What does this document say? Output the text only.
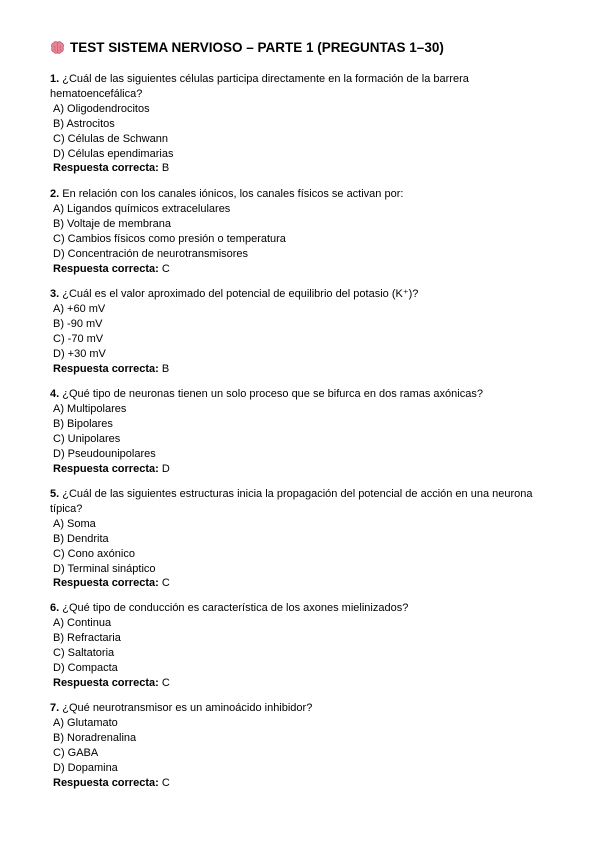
TEST SISTEMA NERVIOSO – PARTE 1 (PREGUNTAS 1–30)
1. ¿Cuál de las siguientes células participa directamente en la formación de la barrera hematoencefálica?
A) Oligodendrocitos
B) Astrocitos
C) Células de Schwann
D) Células ependimarias
Respuesta correcta: B
2. En relación con los canales iónicos, los canales físicos se activan por:
A) Ligandos químicos extracelulares
B) Voltaje de membrana
C) Cambios físicos como presión o temperatura
D) Concentración de neurotransmisores
Respuesta correcta: C
3. ¿Cuál es el valor aproximado del potencial de equilibrio del potasio (K⁺)?
A) +60 mV
B) -90 mV
C) -70 mV
D) +30 mV
Respuesta correcta: B
4. ¿Qué tipo de neuronas tienen un solo proceso que se bifurca en dos ramas axónicas?
A) Multipolares
B) Bipolares
C) Unipolares
D) Pseudounipolares
Respuesta correcta: D
5. ¿Cuál de las siguientes estructuras inicia la propagación del potencial de acción en una neurona típica?
A) Soma
B) Dendrita
C) Cono axónico
D) Terminal sináptico
Respuesta correcta: C
6. ¿Qué tipo de conducción es característica de los axones mielinizados?
A) Continua
B) Refractaria
C) Saltatoria
D) Compacta
Respuesta correcta: C
7. ¿Qué neurotransmisor es un aminoácido inhibidor?
A) Glutamato
B) Noradrenalina
C) GABA
D) Dopamina
Respuesta correcta: C
